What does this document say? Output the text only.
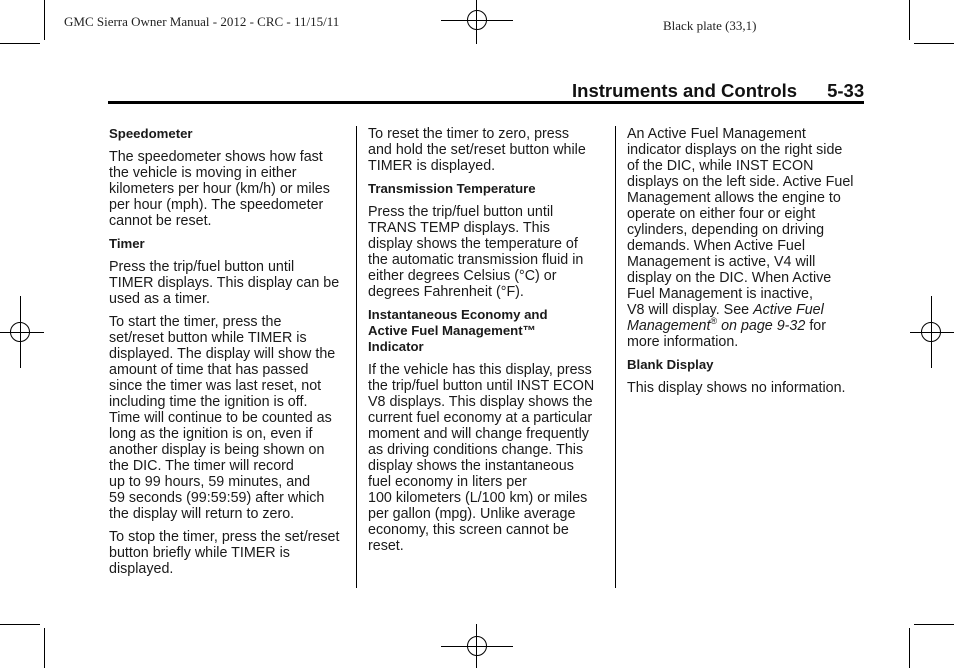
GMC Sierra Owner Manual - 2012 - CRC - 11/15/11	Black plate (33,1)
Instruments and Controls 5-33
Speedometer
The speedometer shows how fast
the vehicle is moving in either
kilometers per hour (km/h) or miles
per hour (mph). The speedometer
cannot be reset.
Timer
Press the trip/fuel button until
TIMER displays. This display can be
used as a timer.
To start the timer, press the
set/reset button while TIMER is
displayed. The display will show the
amount of time that has passed
since the timer was last reset, not
including time the ignition is off.
Time will continue to be counted as
long as the ignition is on, even if
another display is being shown on
the DIC. The timer will record
up to 99 hours, 59 minutes, and
59 seconds (99:59:59) after which
the display will return to zero.
To stop the timer, press the set/reset
button briefly while TIMER is
displayed.
To reset the timer to zero, press
and hold the set/reset button while
TIMER is displayed.
Transmission Temperature
Press the trip/fuel button until
TRANS TEMP displays. This
display shows the temperature of
the automatic transmission fluid in
either degrees Celsius (°C) or
degrees Fahrenheit (°F).
Instantaneous Economy and
Active Fuel Management™
Indicator
If the vehicle has this display, press
the trip/fuel button until INST ECON
V8 displays. This display shows the
current fuel economy at a particular
moment and will change frequently
as driving conditions change. This
display shows the instantaneous
fuel economy in liters per
100 kilometers (L/100 km) or miles
per gallon (mpg). Unlike average
economy, this screen cannot be
reset.
An Active Fuel Management
indicator displays on the right side
of the DIC, while INST ECON
displays on the left side. Active Fuel
Management allows the engine to
operate on either four or eight
cylinders, depending on driving
demands. When Active Fuel
Management is active, V4 will
display on the DIC. When Active
Fuel Management is inactive,
V8 will display. See Active Fuel
Management® on page 9-32 for
more information.
Blank Display
This display shows no information.
